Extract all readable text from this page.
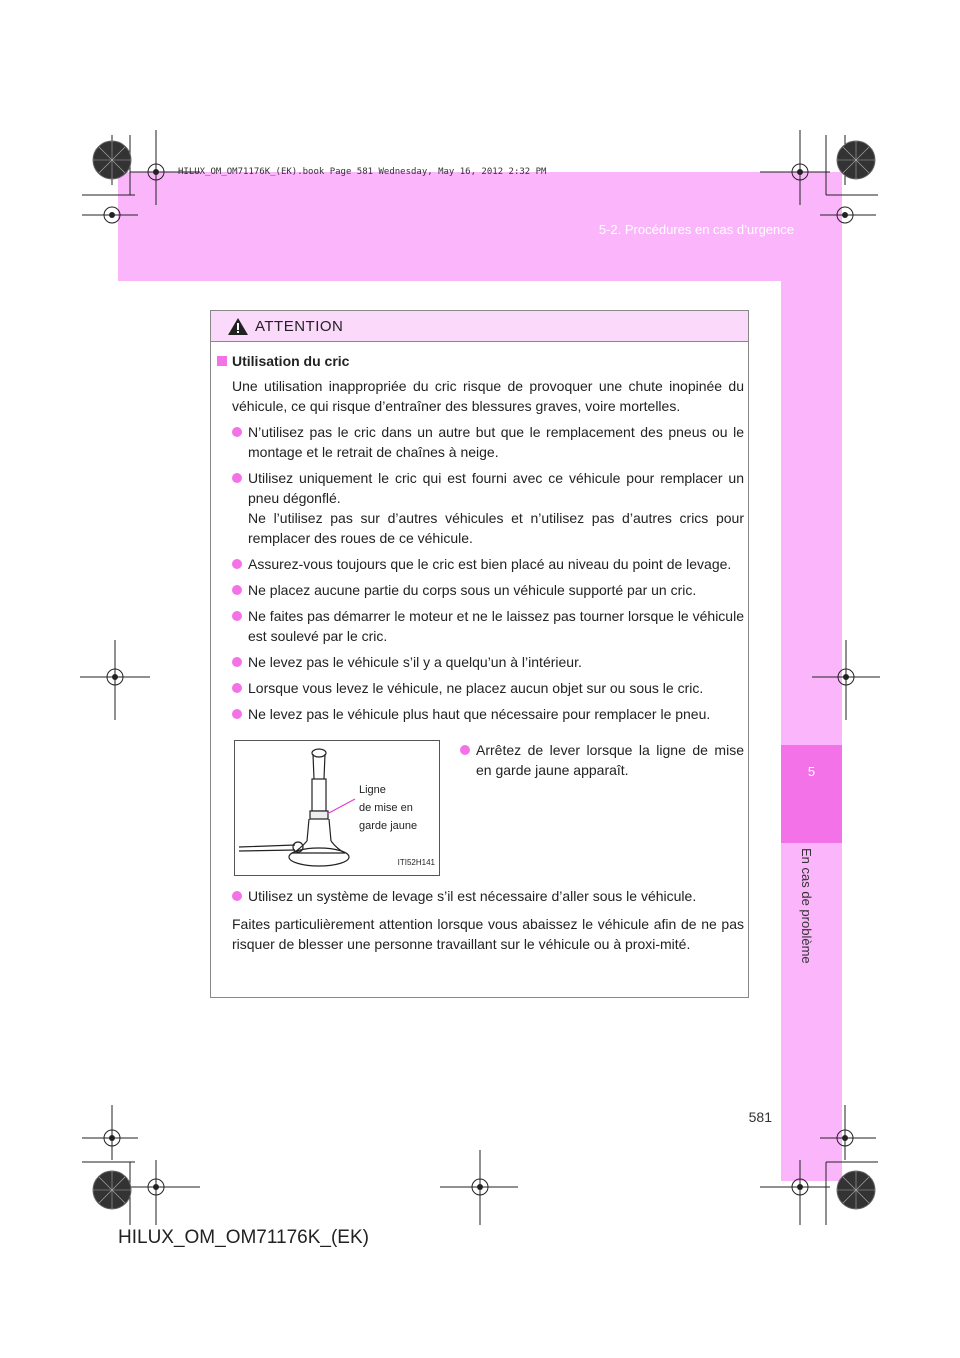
HILUX_OM_OM71176K_(EK).book Page 581 Wednesday, May 16, 2012 2:32 PM
5-2. Procédures en cas d’urgence
5
En cas de problème
ATTENTION
Utilisation du cric
Une utilisation inappropriée du cric risque de provoquer une chute inopinée du véhicule, ce qui risque d’entraîner des blessures graves, voire mortelles.
N’utilisez pas le cric dans un autre but que le remplacement des pneus ou le montage et le retrait de chaînes à neige.
Utilisez uniquement le cric qui est fourni avec ce véhicule pour remplacer un pneu dégonflé.
Ne l’utilisez pas sur d’autres véhicules et n’utilisez pas d’autres crics pour remplacer des roues de ce véhicule.
Assurez-vous toujours que le cric est bien placé au niveau du point de levage.
Ne placez aucune partie du corps sous un véhicule supporté par un cric.
Ne faites pas démarrer le moteur et ne le laissez pas tourner lorsque le véhicule est soulevé par le cric.
Ne levez pas le véhicule s’il y a quelqu’un à l’intérieur.
Lorsque vous levez le véhicule, ne placez aucun objet sur ou sous le cric.
Ne levez pas le véhicule plus haut que nécessaire pour remplacer le pneu.
Ligne
de mise en
garde jaune
ITI52H141
Arrêtez de lever lorsque la ligne de mise en garde jaune apparaît.
Utilisez un système de levage s’il est nécessaire d’aller sous le véhicule.
Faites particulièrement attention lorsque vous abaissez le véhicule afin de ne pas risquer de blesser une personne travaillant sur le véhicule ou à proxi-mité.
581
HILUX_OM_OM71176K_(EK)
